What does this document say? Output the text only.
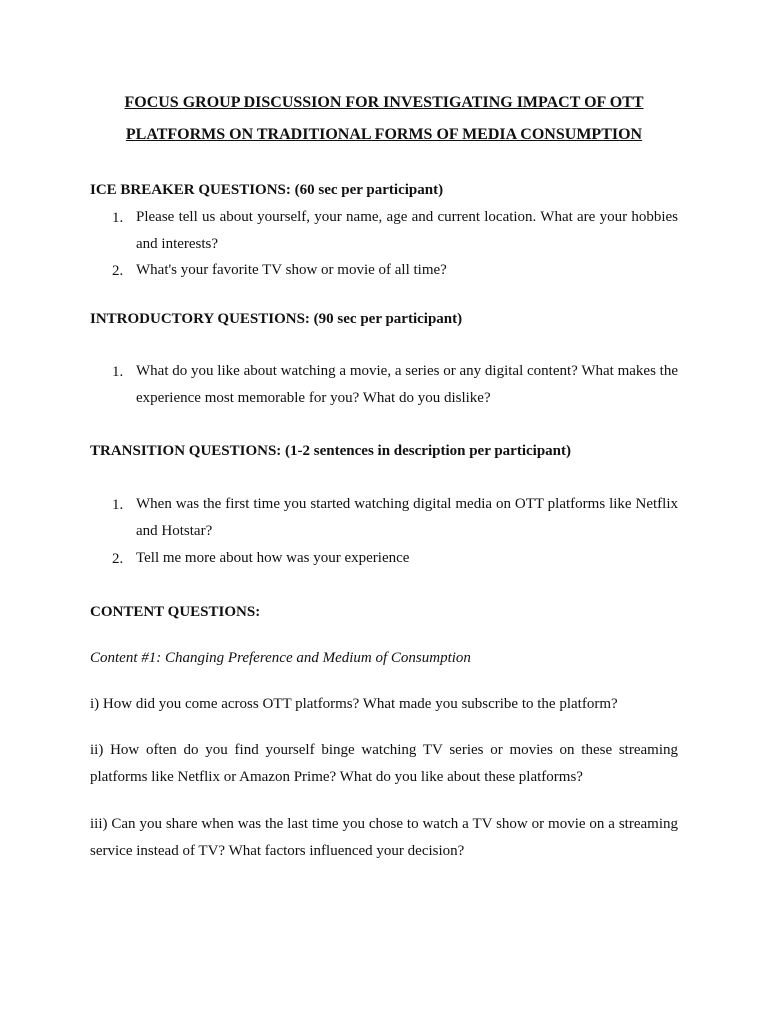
FOCUS GROUP DISCUSSION FOR INVESTIGATING IMPACT OF OTT
PLATFORMS ON TRADITIONAL FORMS OF MEDIA CONSUMPTION
ICE BREAKER QUESTIONS: (60 sec per participant)
1. Please tell us about yourself, your name, age and current location. What are your hobbies and interests?
2. What's your favorite TV show or movie of all time?
INTRODUCTORY QUESTIONS: (90 sec per participant)
1. What do you like about watching a movie, a series or any digital content? What makes the experience most memorable for you? What do you dislike?
TRANSITION QUESTIONS: (1-2 sentences in description per participant)
1. When was the first time you started watching digital media on OTT platforms like Netflix and Hotstar?
2. Tell me more about how was your experience
CONTENT QUESTIONS:
Content #1: Changing Preference and Medium of Consumption
i) How did you come across OTT platforms? What made you subscribe to the platform?
ii) How often do you find yourself binge watching TV series or movies on these streaming platforms like Netflix or Amazon Prime? What do you like about these platforms?
iii) Can you share when was the last time you chose to watch a TV show or movie on a streaming service instead of TV? What factors influenced your decision?
